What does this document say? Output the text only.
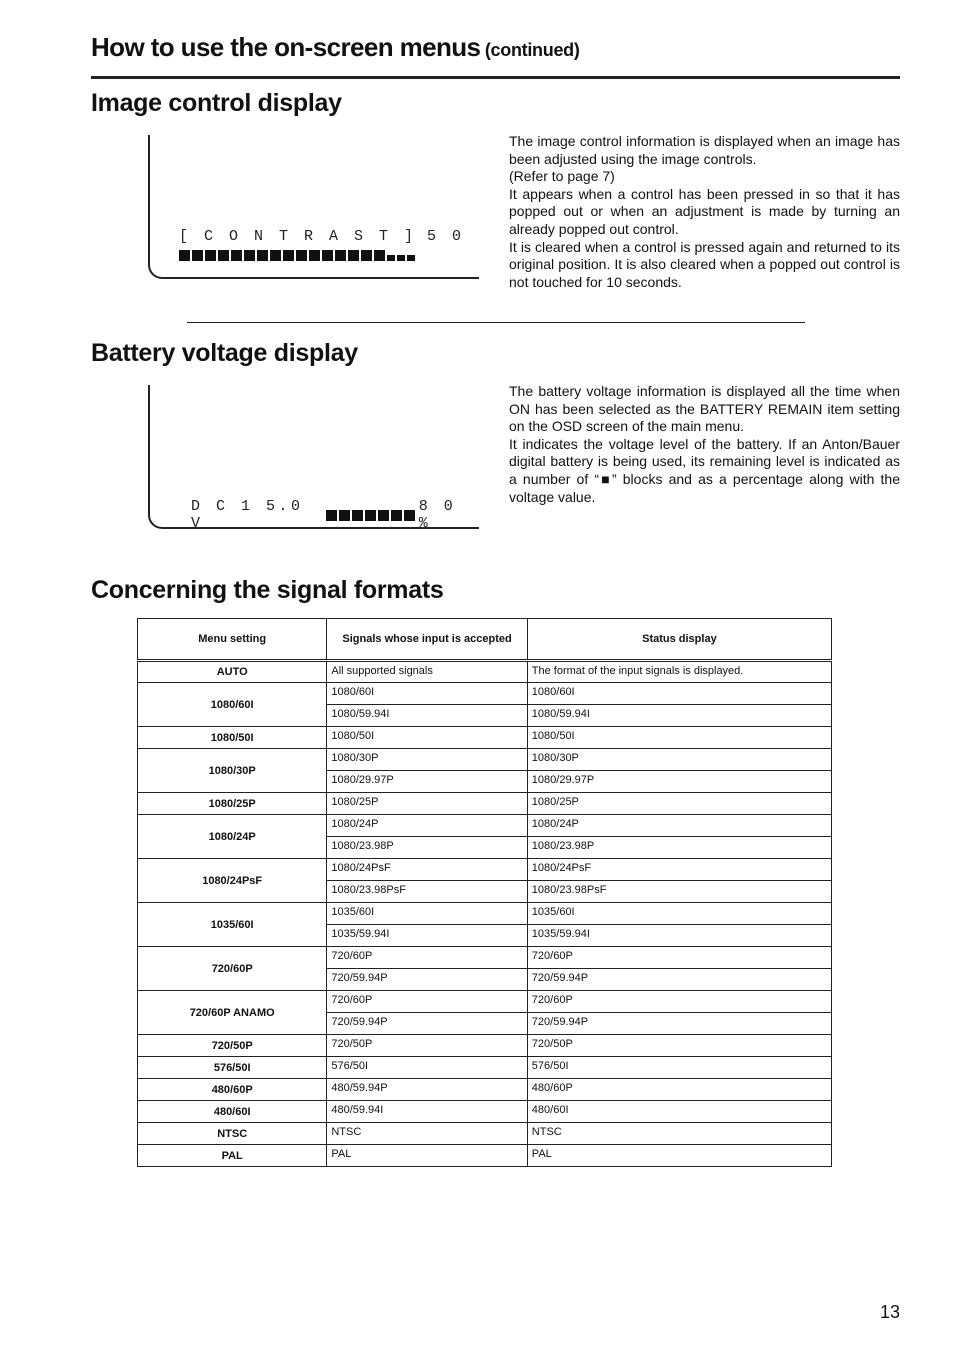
How to use the on-screen menus (continued)
Image control display
[ C O N T R A S T ] 5 0

The image control information is displayed when an image has been adjusted using the image controls.

(Refer to page 7)

It appears when a control has been pressed in so that it has popped out or when an adjustment is made by turning an already popped out control.

It is cleared when a control is pressed again and returned to its original position. It is also cleared when a popped out control is not touched for 10 seconds.

Battery voltage display
D C 1 5.0 V
8 0 %

The battery voltage information is displayed all the time when ON has been selected as the BATTERY REMAIN item setting on the OSD screen of the main menu.

It indicates the voltage level of the battery. If an Anton/Bauer digital battery is being used, its remaining level is indicated as a number of “■” blocks and as a percentage along with the voltage value.

Concerning the signal formats
Menu setting	Signals whose input is accepted	Status display
AUTO	All supported signals	The format of the input signals is displayed.
1080/60I	1080/60I	1080/60I
	1080/59.94I	1080/59.94I
1080/50I	1080/50I	1080/50I
1080/30P	1080/30P	1080/30P
	1080/29.97P	1080/29.97P
1080/25P	1080/25P	1080/25P
1080/24P	1080/24P	1080/24P
	1080/23.98P	1080/23.98P
1080/24PsF	1080/24PsF	1080/24PsF
	1080/23.98PsF	1080/23.98PsF
1035/60I	1035/60I	1035/60I
	1035/59.94I	1035/59.94I
720/60P	720/60P	720/60P
	720/59.94P	720/59.94P
720/60P ANAMO	720/60P	720/60P
	720/59.94P	720/59.94P
720/50P	720/50P	720/50P
576/50I	576/50I	576/50I
480/60P	480/59.94P	480/60P
480/60I	480/59.94I	480/60I
NTSC	NTSC	NTSC
PAL	PAL	PAL
13
